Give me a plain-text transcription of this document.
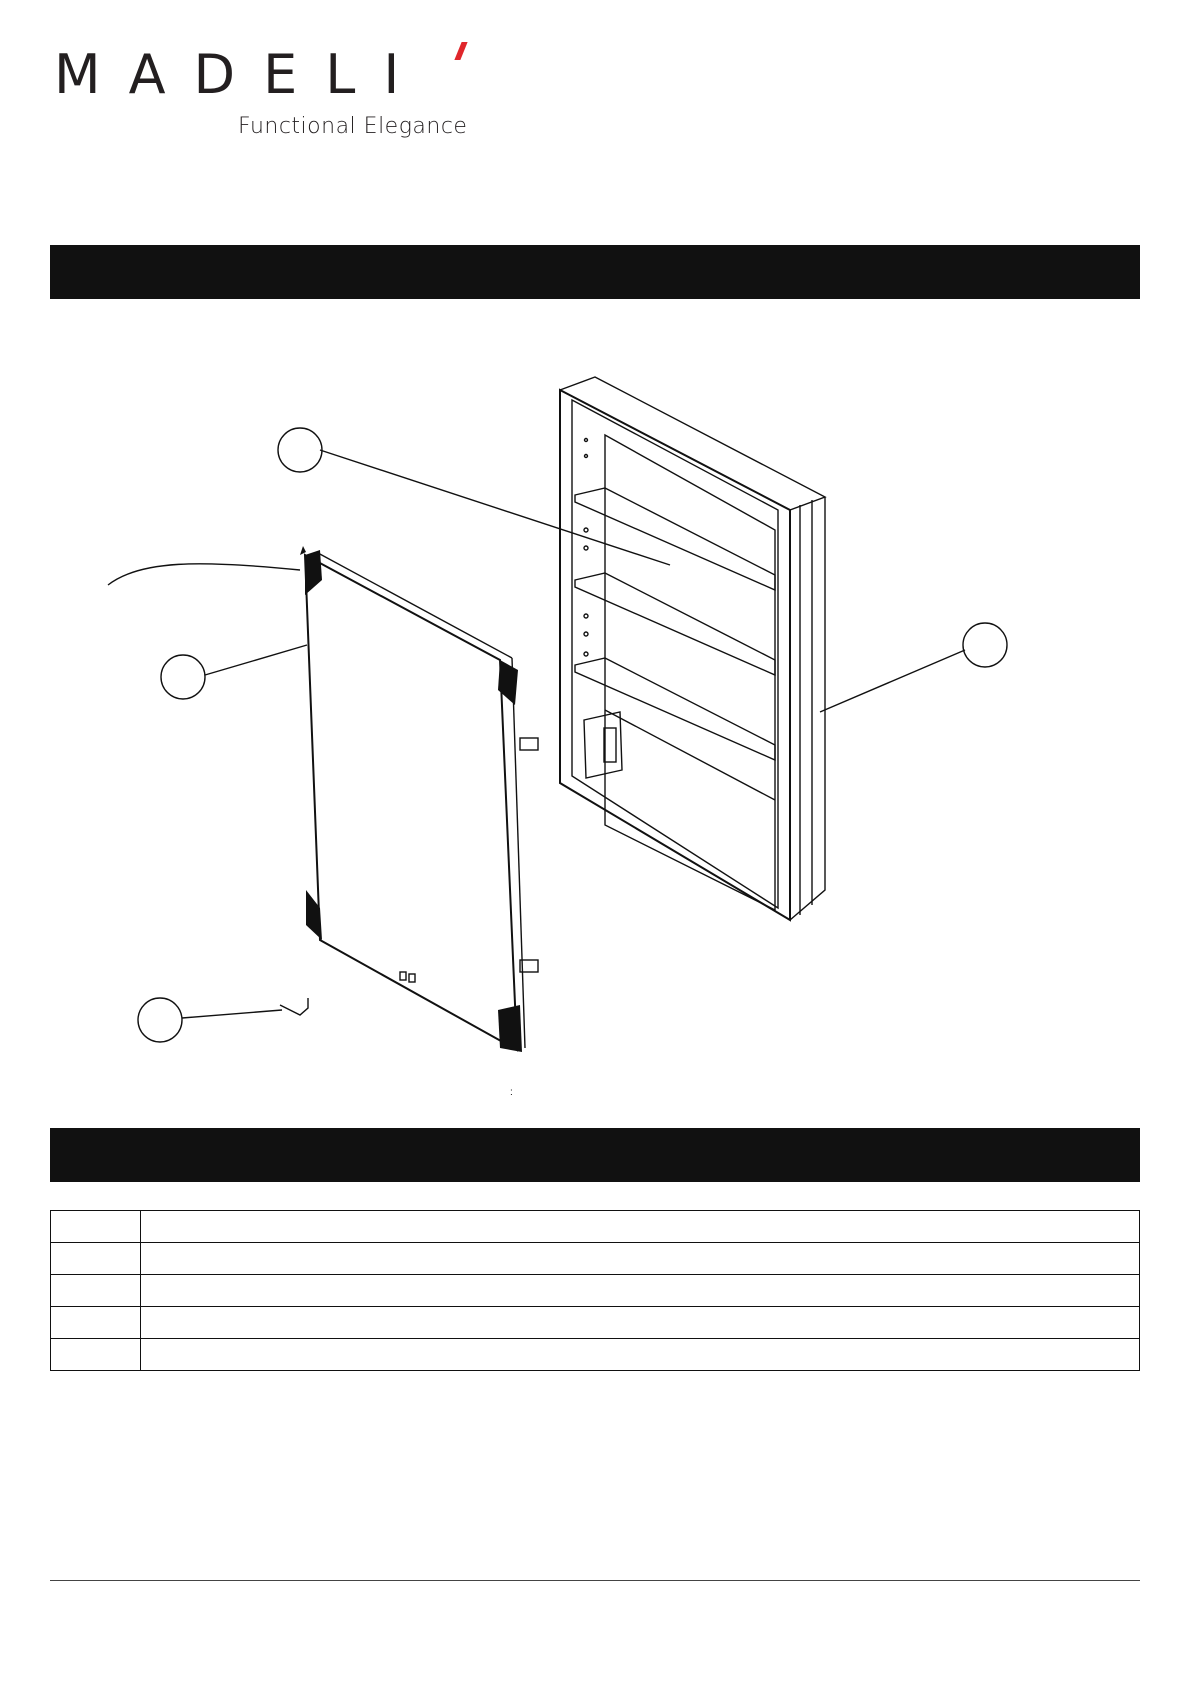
MADELI
Functional Elegance
:
